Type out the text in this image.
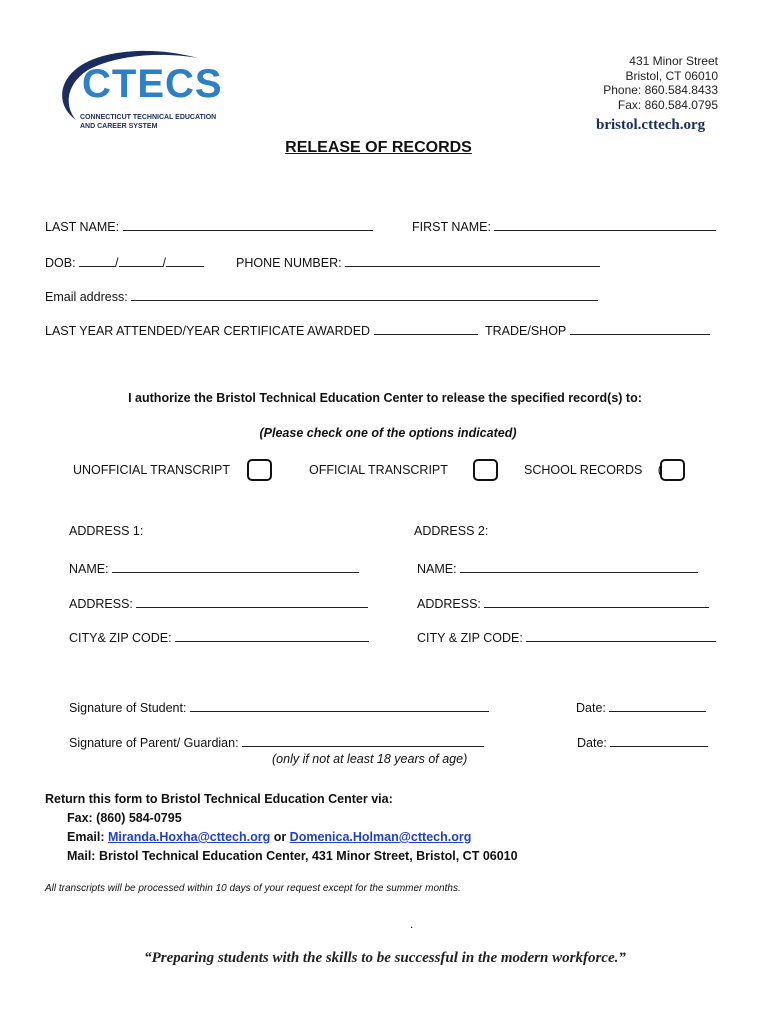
CTECS
CONNECTICUT TECHNICAL EDUCATION
AND CAREER SYSTEM
431 Minor Street
Bristol, CT 06010
Phone: 860.584.8433
Fax: 860.584.0795
bristol.cttech.org
RELEASE OF RECORDS
LAST NAME:	FIRST NAME:
DOB:	/	/	PHONE NUMBER:
Email address:
LAST YEAR ATTENDED/YEAR CERTIFICATE AWARDED	TRADE/SHOP
I authorize the Bristol Technical Education Center to release the specified record(s) to:
(Please check one of the options indicated)
UNOFFICIAL TRANSCRIPT	OFFICIAL TRANSCRIPT	SCHOOL RECORDS (
ADDRESS 1:
NAME:
ADDRESS:
CITY& ZIP CODE:
ADDRESS 2:
NAME:
ADDRESS:
CITY & ZIP CODE:
Signature of Student:	Date:
Signature of Parent/ Guardian:	Date:
(only if not at least 18 years of age)
Return this form to Bristol Technical Education Center via:
Fax: (860) 584-0795
Email: Miranda.Hoxha@cttech.org or Domenica.Holman@cttech.org
Mail: Bristol Technical Education Center, 431 Minor Street, Bristol, CT 06010
All transcripts will be processed within 10 days of your request except for the summer months.
.
“Preparing students with the skills to be successful in the modern workforce.”
